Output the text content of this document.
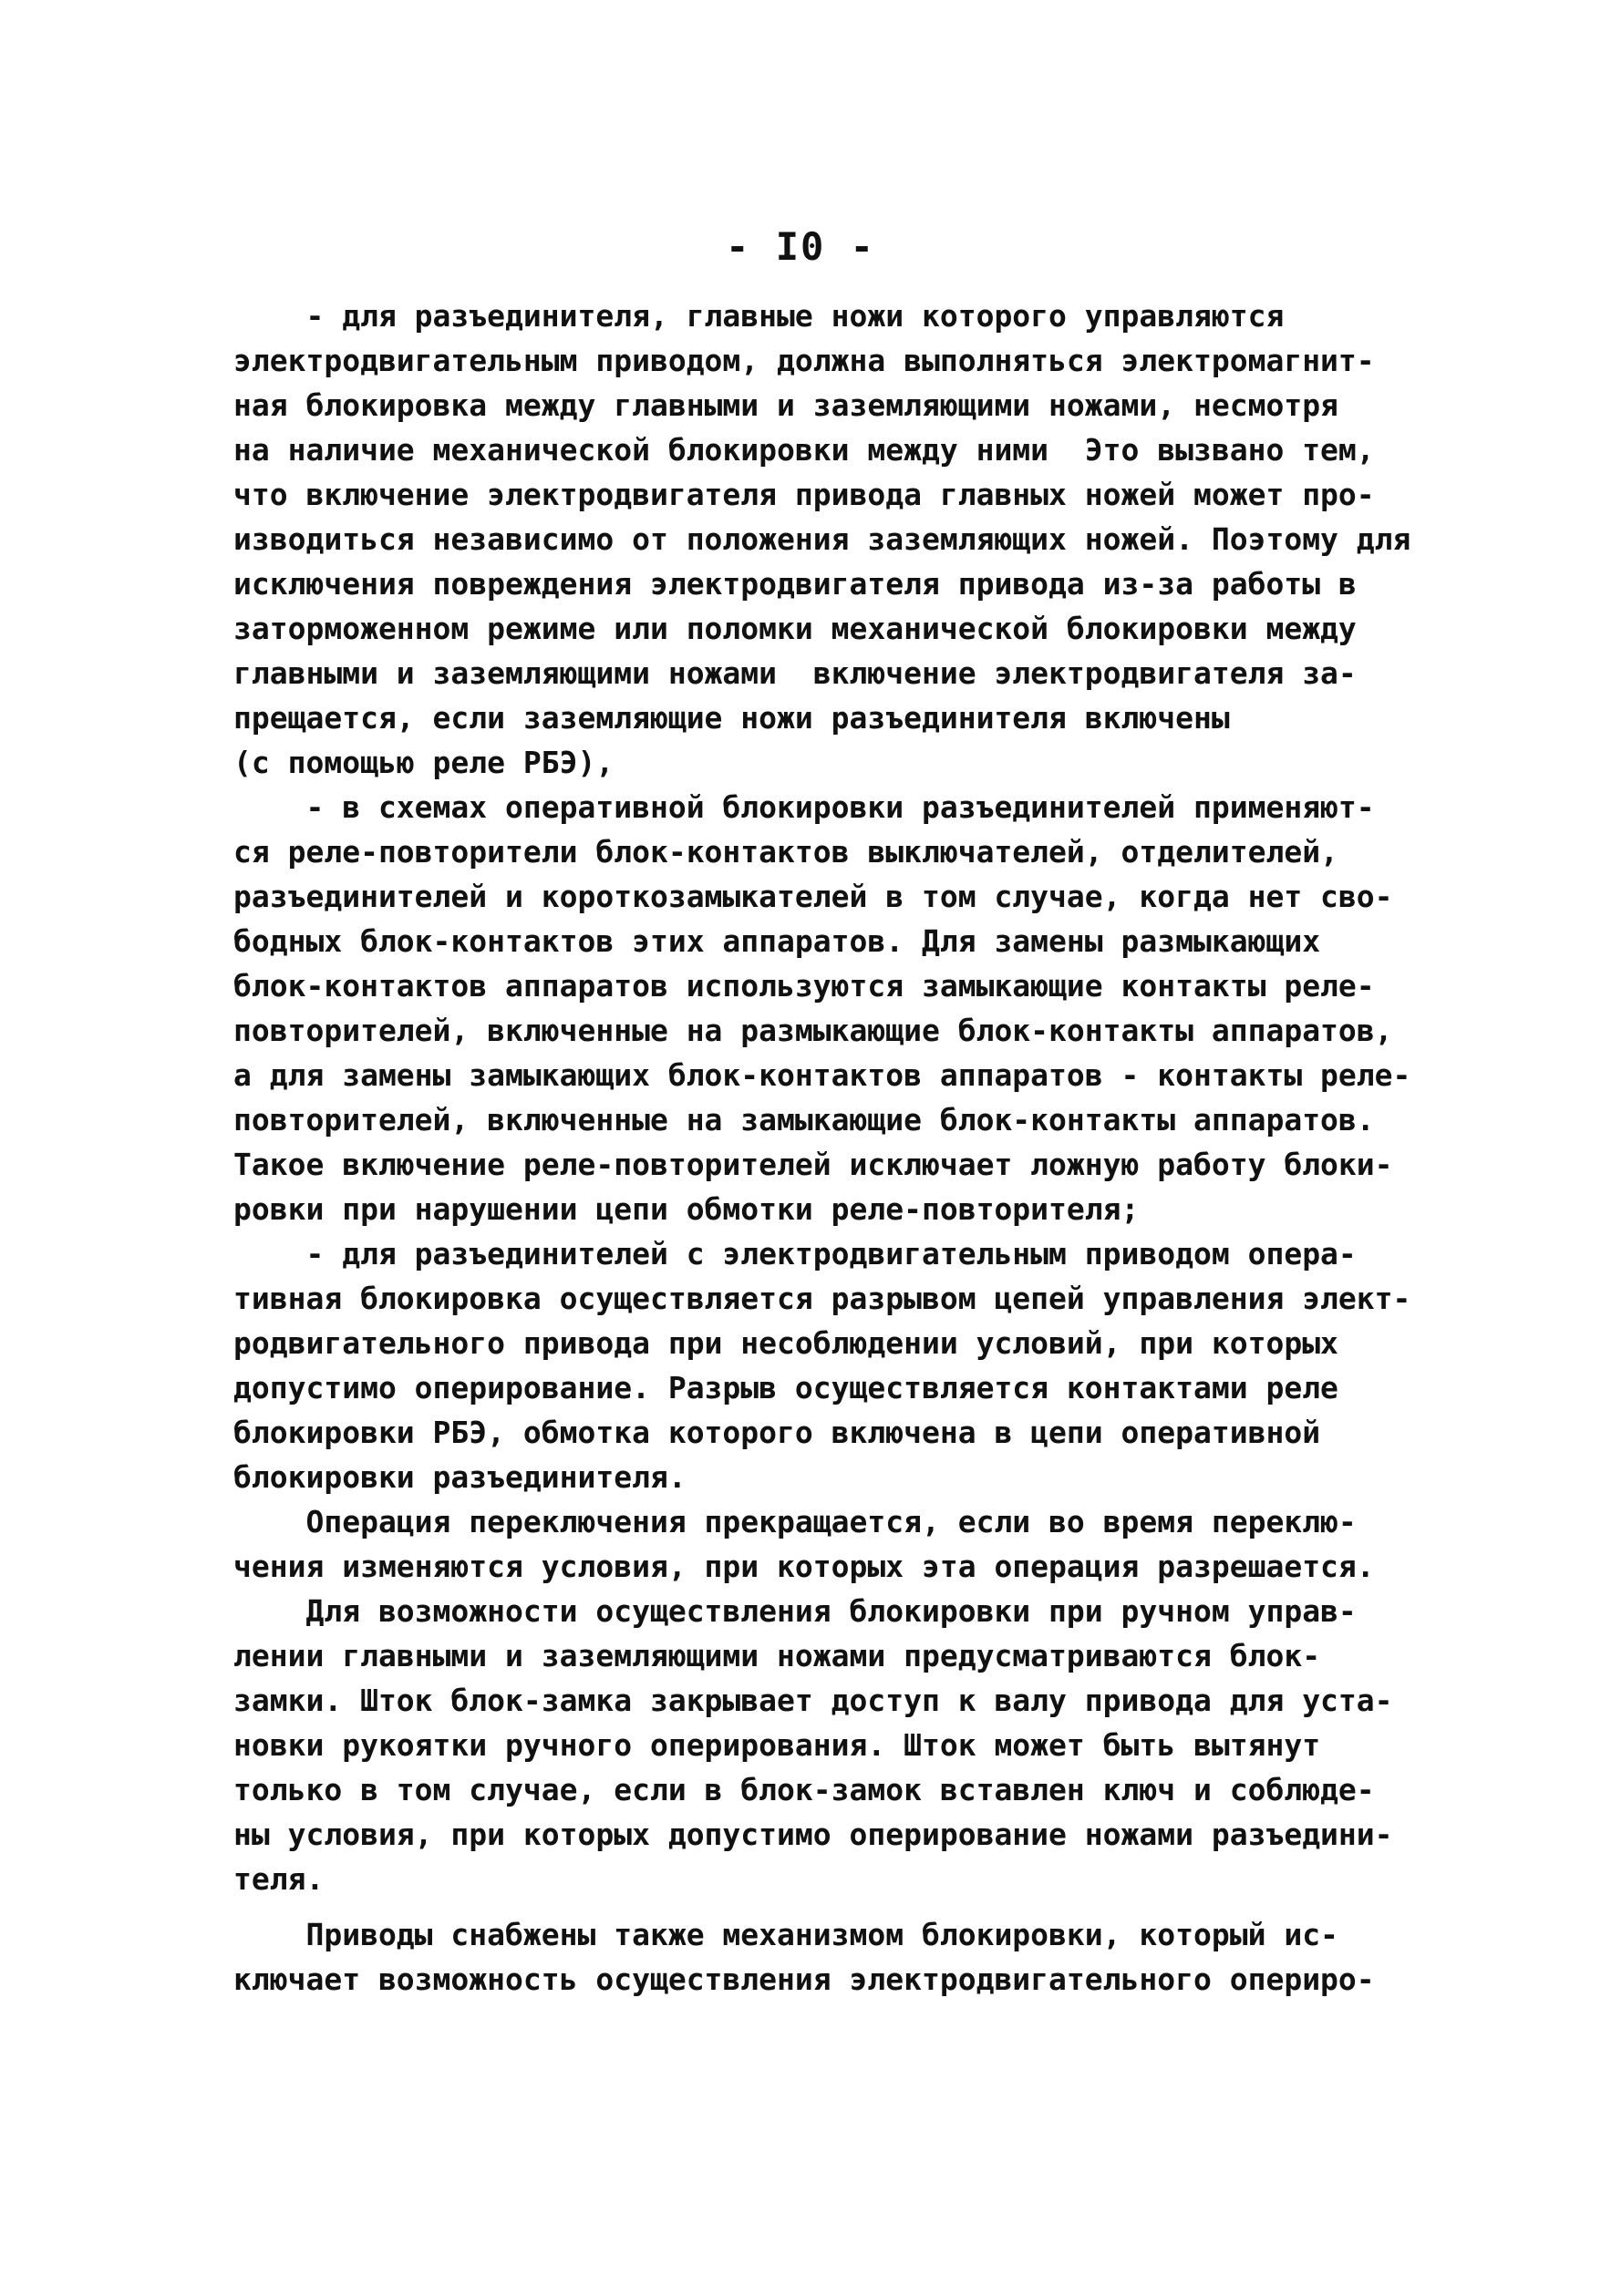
- I0 -
- для разъединителя, главные ножи которого управляются
электродвигательным приводом, должна выполняться электромагнит-
ная блокировка между главными и заземляющими ножами, несмотря
на наличие механической блокировки между ними  Это вызвано тем,
что включение электродвигателя привода главных ножей может про-
изводиться независимо от положения заземляющих ножей. Поэтому для
исключения повреждения электродвигателя привода из-за работы в
заторможенном режиме или поломки механической блокировки между
главными и заземляющими ножами  включение электродвигателя за-
прещается, если заземляющие ножи разъединителя включены
(с помощью реле РБЭ),
- в схемах оперативной блокировки разъединителей применяют-
ся реле-повторители блок-контактов выключателей, отделителей,
разъединителей и короткозамыкателей в том случае, когда нет сво-
бодных блок-контактов этих аппаратов. Для замены размыкающих
блок-контактов аппаратов используются замыкающие контакты реле-
повторителей, включенные на размыкающие блок-контакты аппаратов,
а для замены замыкающих блок-контактов аппаратов - контакты реле-
повторителей, включенные на замыкающие блок-контакты аппаратов.
Такое включение реле-повторителей исключает ложную работу блоки-
ровки при нарушении цепи обмотки реле-повторителя;
- для разъединителей с электродвигательным приводом опера-
тивная блокировка осуществляется разрывом цепей управления элект-
родвигательного привода при несоблюдении условий, при которых
допустимо оперирование. Разрыв осуществляется контактами реле
блокировки РБЭ, обмотка которого включена в цепи оперативной
блокировки разъединителя.
Операция переключения прекращается, если во время переклю-
чения изменяются условия, при которых эта операция разрешается.
Для возможности осуществления блокировки при ручном управ-
лении главными и заземляющими ножами предусматриваются блок-
замки. Шток блок-замка закрывает доступ к валу привода для уста-
новки рукоятки ручного оперирования. Шток может быть вытянут
только в том случае, если в блок-замок вставлен ключ и соблюде-
ны условия, при которых допустимо оперирование ножами разъедини-
теля.
Приводы снабжены также механизмом блокировки, который ис-
ключает возможность осуществления электродвигательного опериро-
